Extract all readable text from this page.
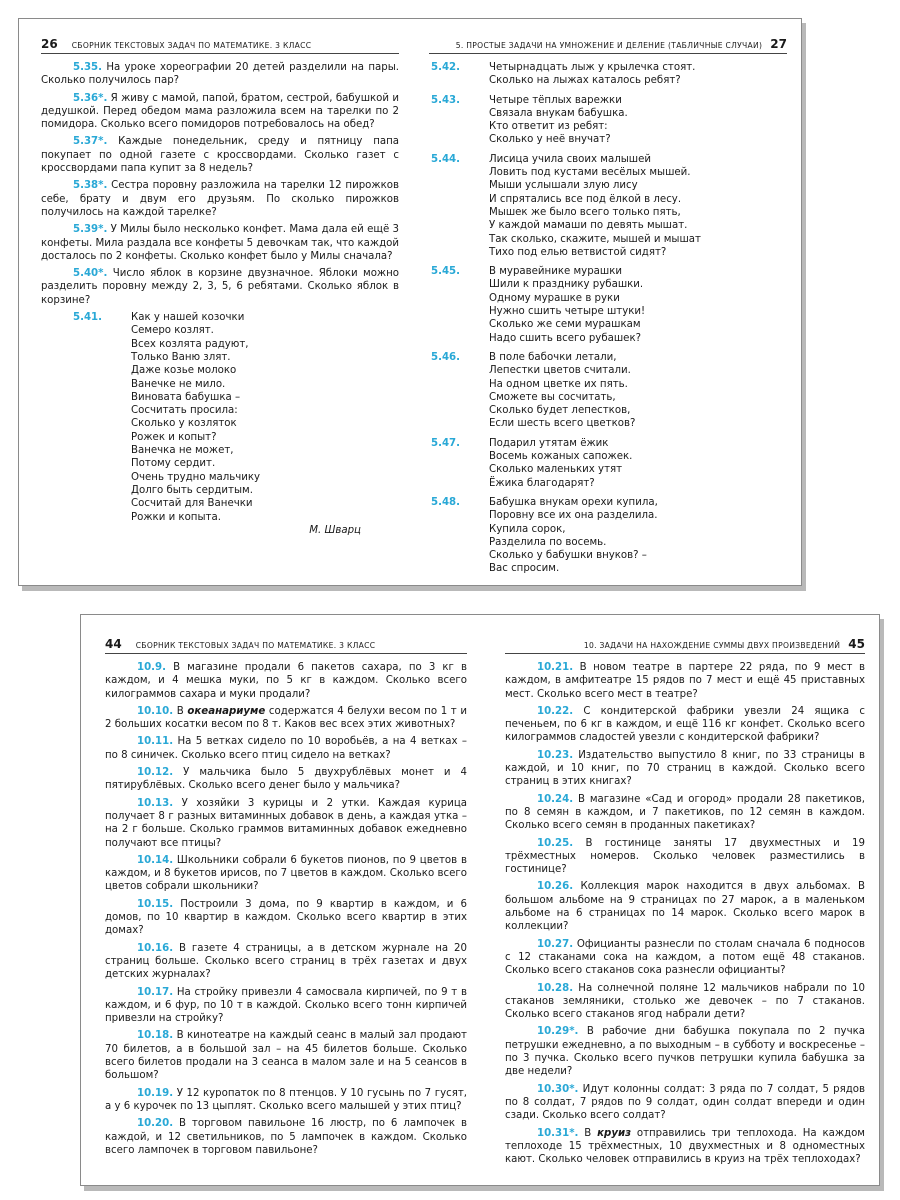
26 СБОРНИК ТЕКСТОВЫХ ЗАДАЧ ПО МАТЕМАТИКЕ. 3 КЛАСС

5.35. На уроке хореографии 20 детей разделили на пары. Сколько получилось пар?

5.36*. Я живу с мамой, папой, братом, сестрой, бабушкой и дедушкой. Перед обедом мама разложила всем на тарелки по 2 помидора. Сколько всего помидоров потребовалось на обед?

5.37*. Каждые понедельник, среду и пятницу папа покупает по одной газете с кроссвордами. Сколько газет с кроссвордами папа купит за 8 недель?

5.38*. Сестра поровну разложила на тарелки 12 пирожков себе, брату и двум его друзьям. По сколько пирожков получилось на каждой тарелке?

5.39*. У Милы было несколько конфет. Мама дала ей ещё 3 конфеты. Мила раздала все конфеты 5 девочкам так, что каждой досталось по 2 конфеты. Сколько конфет было у Милы сначала?

5.40*. Число яблок в корзине двузначное. Яблоки можно разделить поровну между 2, 3, 5, 6 ребятами. Сколько яблок в корзине?

5.41.	Как у нашей козочки
Семеро козлят.
Всех козлята радуют,
Только Ваню злят.
Даже козье молоко
Ванечке не мило.
Виновата бабушка –
Сосчитать просила:
Сколько у козляток
Рожек и копыт?
Ванечка не может,
Потому сердит.
Очень трудно мальчику
Долго быть сердитым.
Сосчитай для Ванечки
Рожки и копыта.
М. Шварц
5. ПРОСТЫЕ ЗАДАЧИ НА УМНОЖЕНИЕ И ДЕЛЕНИЕ (ТАБЛИЧНЫЕ СЛУЧАИ) 27
5.42.	Четырнадцать лыж у крылечка стоят.
Сколько на лыжах каталось ребят?
5.43.	Четыре тёплых варежки
Связала внукам бабушка.
Кто ответит из ребят:
Сколько у неё внучат?
5.44.	Лисица учила своих малышей
Ловить под кустами весёлых мышей.
Мыши услышали злую лису
И спрятались все под ёлкой в лесу.
Мышек же было всего только пять,
У каждой мамаши по девять мышат.
Так сколько, скажите, мышей и мышат
Тихо под елью ветвистой сидят?
5.45.	В муравейнике мурашки
Шили к празднику рубашки.
Одному мурашке в руки
Нужно сшить четыре штуки!
Сколько же семи мурашкам
Надо сшить всего рубашек?
5.46.	В поле бабочки летали,
Лепестки цветов считали.
На одном цветке их пять.
Сможете вы сосчитать,
Сколько будет лепестков,
Если шесть всего цветков?
5.47.	Подарил утятам ёжик
Восемь кожаных сапожек.
Сколько маленьких утят
Ёжика благодарят?
5.48.	Бабушка внукам орехи купила,
Поровну все их она разделила.
Купила сорок,
Разделила по восемь.
Сколько у бабушки внуков? –
Вас спросим.
44 СБОРНИК ТЕКСТОВЫХ ЗАДАЧ ПО МАТЕМАТИКЕ. 3 КЛАСС

10.9. В магазине продали 6 пакетов сахара, по 3 кг в каждом, и 4 мешка муки, по 5 кг в каждом. Сколько всего килограммов сахара и муки продали?

10.10. В океанариуме содержатся 4 белухи весом по 1 т и 2 больших косатки весом по 8 т. Каков вес всех этих животных?

10.11. На 5 ветках сидело по 10 воробьёв, а на 4 ветках – по 8 синичек. Сколько всего птиц сидело на ветках?

10.12. У мальчика было 5 двухрублёвых монет и 4 пятирублёвых. Сколько всего денег было у мальчика?

10.13. У хозяйки 3 курицы и 2 утки. Каждая курица получает 8 г разных витаминных добавок в день, а каждая утка – на 2 г больше. Сколько граммов витаминных добавок ежедневно получают все птицы?

10.14. Школьники собрали 6 букетов пионов, по 9 цветов в каждом, и 8 букетов ирисов, по 7 цветов в каждом. Сколько всего цветов собрали школьники?

10.15. Построили 3 дома, по 9 квартир в каждом, и 6 домов, по 10 квартир в каждом. Сколько всего квартир в этих домах?

10.16. В газете 4 страницы, а в детском журнале на 20 страниц больше. Сколько всего страниц в трёх газетах и двух детских журналах?

10.17. На стройку привезли 4 самосвала кирпичей, по 9 т в каждом, и 6 фур, по 10 т в каждой. Сколько всего тонн кирпичей привезли на стройку?

10.18. В кинотеатре на каждый сеанс в малый зал продают 70 билетов, а в большой зал – на 45 билетов больше. Сколько всего билетов продали на 3 сеанса в малом зале и на 5 сеансов в большом?

10.19. У 12 куропаток по 8 птенцов. У 10 гусынь по 7 гусят, а у 6 курочек по 13 цыплят. Сколько всего малышей у этих птиц?

10.20. В торговом павильоне 16 люстр, по 6 лампочек в каждой, и 12 светильников, по 5 лампочек в каждом. Сколько всего лампочек в торговом павильоне?

10. ЗАДАЧИ НА НАХОЖДЕНИЕ СУММЫ ДВУХ ПРОИЗВЕДЕНИЙ 45

10.21. В новом театре в партере 22 ряда, по 9 мест в каждом, в амфитеатре 15 рядов по 7 мест и ещё 45 приставных мест. Сколько всего мест в театре?

10.22. С кондитерской фабрики увезли 24 ящика с печеньем, по 6 кг в каждом, и ещё 116 кг конфет. Сколько всего килограммов сладостей увезли с кондитерской фабрики?

10.23. Издательство выпустило 8 книг, по 33 страницы в каждой, и 10 книг, по 70 страниц в каждой. Сколько всего страниц в этих книгах?

10.24. В магазине «Сад и огород» продали 28 пакетиков, по 8 семян в каждом, и 7 пакетиков, по 12 семян в каждом. Сколько всего семян в проданных пакетиках?

10.25. В гостинице заняты 17 двухместных и 19 трёхместных номеров. Сколько человек разместились в гостинице?

10.26. Коллекция марок находится в двух альбомах. В большом альбоме на 9 страницах по 27 марок, а в маленьком альбоме на 6 страницах по 14 марок. Сколько всего марок в коллекции?

10.27. Официанты разнесли по столам сначала 6 подносов с 12 стаканами сока на каждом, а потом ещё 48 стаканов. Сколько всего стаканов сока разнесли официанты?

10.28. На солнечной поляне 12 мальчиков набрали по 10 стаканов земляники, столько же девочек – по 7 стаканов. Сколько всего стаканов ягод набрали дети?

10.29*. В рабочие дни бабушка покупала по 2 пучка петрушки ежедневно, а по выходным – в субботу и воскресенье – по 3 пучка. Сколько всего пучков петрушки купила бабушка за две недели?

10.30*. Идут колонны солдат: 3 ряда по 7 солдат, 5 рядов по 8 солдат, 7 рядов по 9 солдат, один солдат впереди и один сзади. Сколько всего солдат?

10.31*. В круиз отправились три теплохода. На каждом теплоходе 15 трёхместных, 10 двухместных и 8 одноместных кают. Сколько человек отправились в круиз на трёх теплоходах?
